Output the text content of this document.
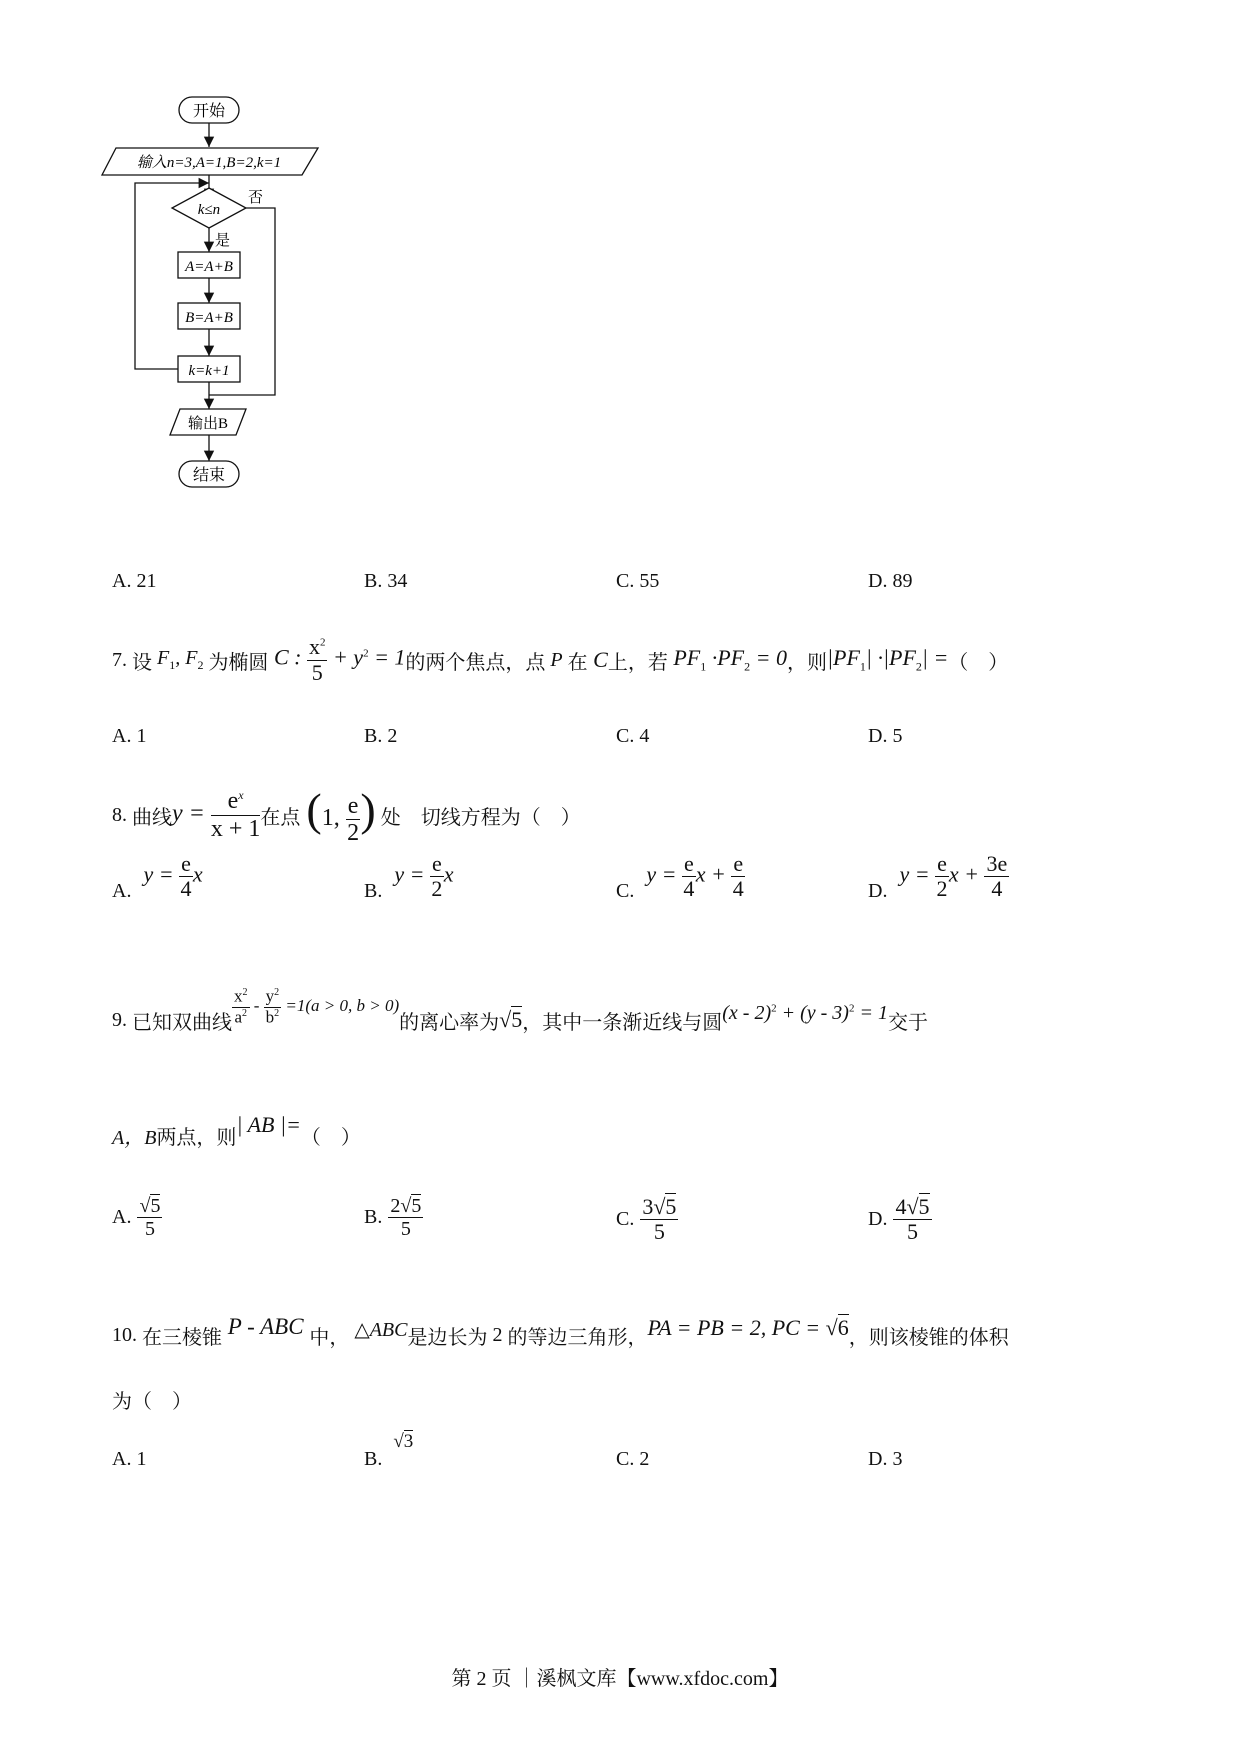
开始
输入n=3,A=1,B=2,k=1
k≤n
否
是
A=A+B
B=A+B
k=k+1
输出B
结束
A. 21	B. 34	C. 55	D. 89
7.
设
$F_1$, $F_2$
为椭圆 C : $\frac{x^2}{5} + y^2 = 1$ 的两个焦点，点 P 在 C 上，若 $PF_1 \cdot PF_2 = 0$ ，则 $|PF_1| \cdot|PF_2|$ = （　）
A. 1	B. 2	C. 4	D. 5
8.
曲线 $y = \frac{e^x}{x + 1}$ 在点 (1, $\frac{e}{2}$ )
处　切线方程为（　）
A.
$y = \frac{e}{4}$ x
B.
$y = \frac{e}{2}$ x
C.
$y = \frac{e}{4}$ $x + \frac{e}{4}$	D.
$y = \frac{e}{2}$ $x + \frac{3e}{4}$
9.
已知双曲线 $\frac{x^2}{a^2} - \frac{y^2}{b^2} =1(a > 0$, b > 0)
的离心率为 √5 ，其中一条渐近线与圆 (x - 2)$^2$ + (y - 3)$^2$ = 1 交于
A，B 两点，则
| AB |=
（　）
A. $\frac{√5}{5}$	B. $\frac{2√5}{5}$	C. $\frac{3√5}{5}$	D. $\frac{4√5}{5}$
10.
在三棱锥 P - ABC 中， △ABC 是边长为
2
的等边三角形， PA = PB = 2, PC = √6 ，则该棱锥的体积
为（　）
A. 1	B. √3
C. 2	D. 3
第 2 页 ｜溪枫文库【www.xfdoc.com】
